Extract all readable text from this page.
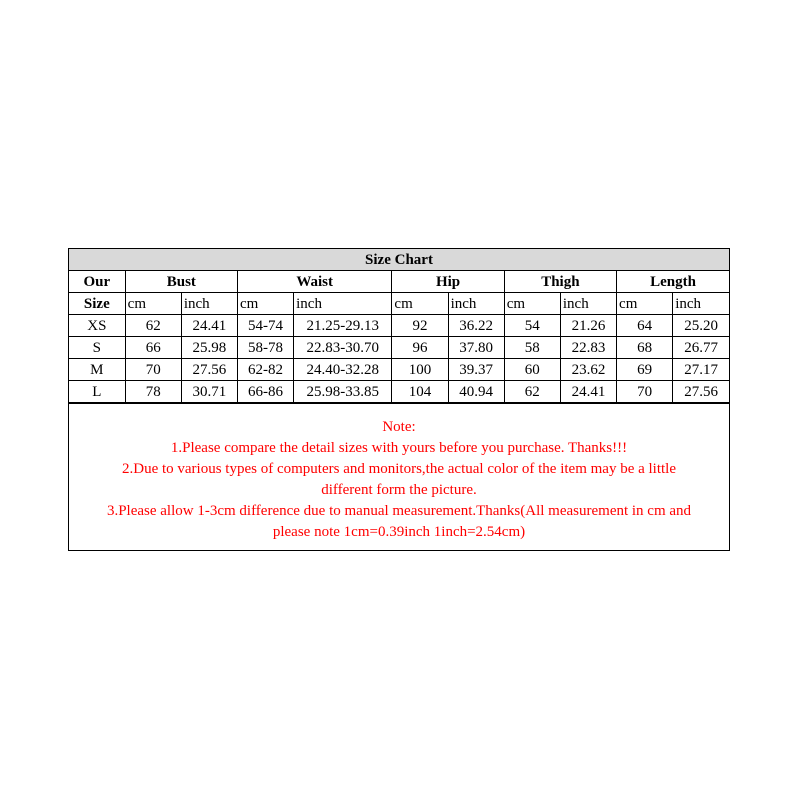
Size Chart										
Our	Bust		Waist		Hip		Thigh		Length	
Size	cm	inch	cm	inch	cm	inch	cm	inch	cm	inch
XS	62	24.41	54-74	21.25-29.13	92	36.22	54	21.26	64	25.20
S	66	25.98	58-78	22.83-30.70	96	37.80	58	22.83	68	26.77
M	70	27.56	62-82	24.40-32.28	100	39.37	60	23.62	69	27.17
L	78	30.71	66-86	25.98-33.85	104	40.94	62	24.41	70	27.56
Note:
1.Please compare the detail sizes with yours before you purchase. Thanks!!!
2.Due to various types of computers and monitors,the actual color of the item may be a little
different form the picture.
3.Please allow 1-3cm difference due to manual measurement.Thanks(All measurement in cm and
please note 1cm=0.39inch 1inch=2.54cm)
